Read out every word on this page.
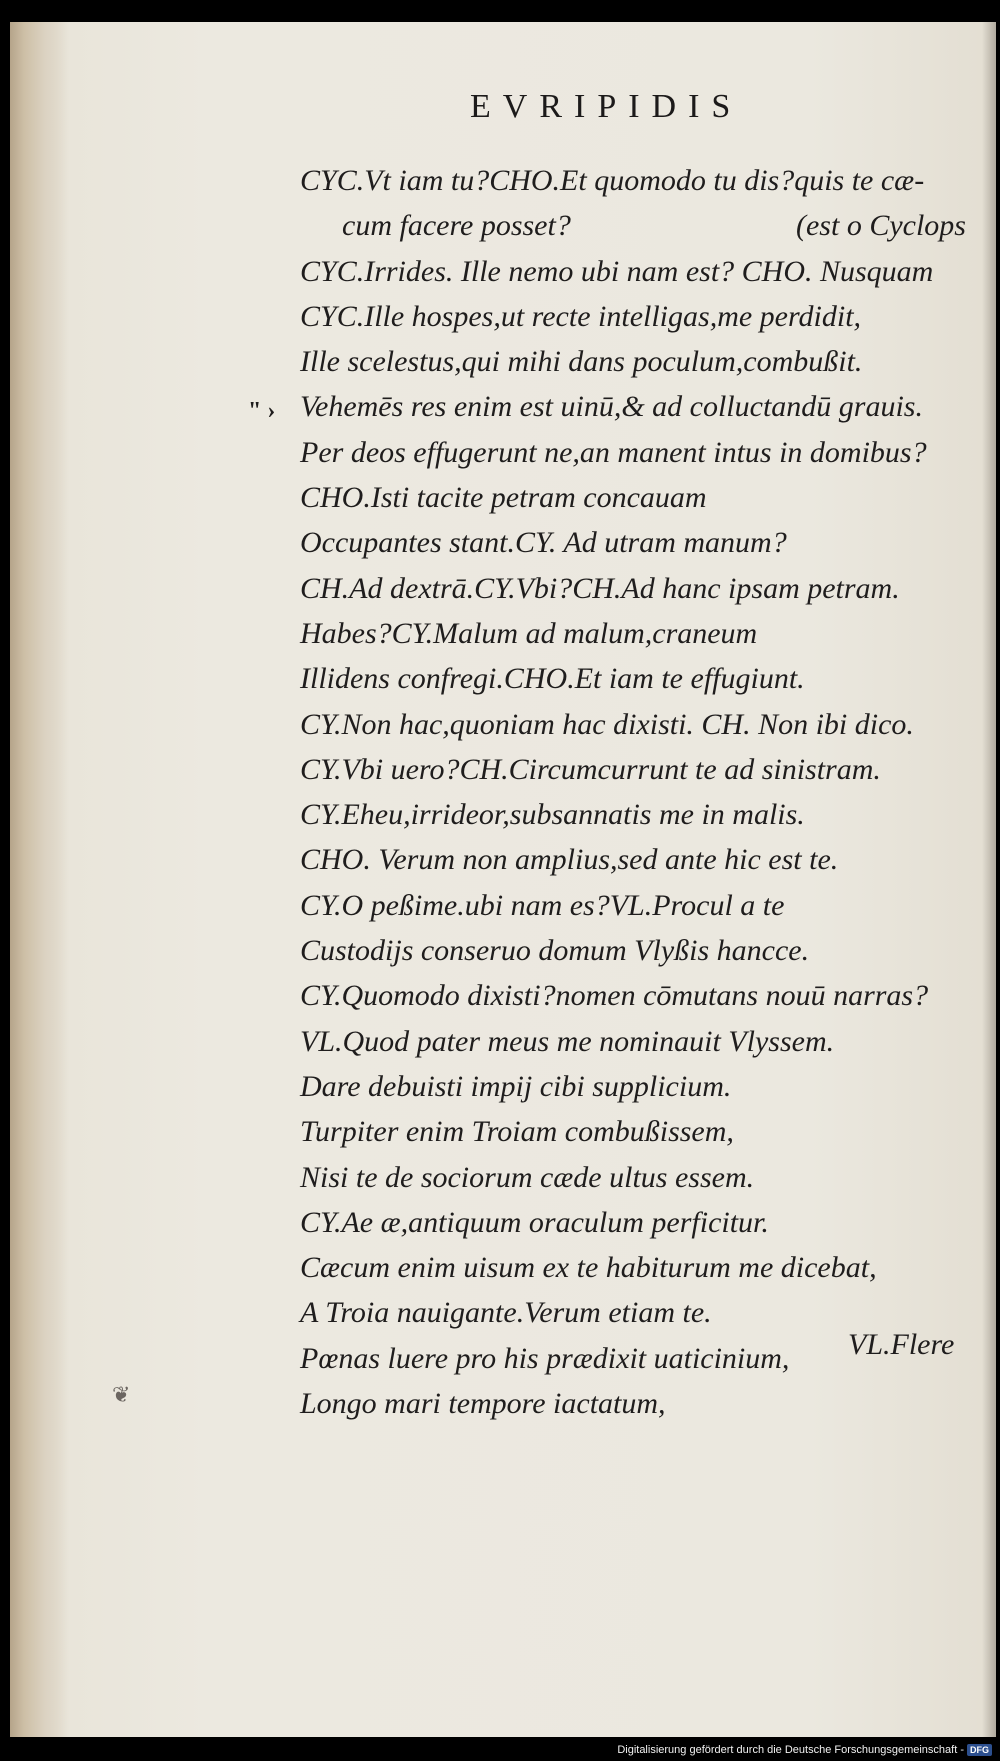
EVRIPIDIS
" ›
CYC.Vt iam tu?CHO.Et quomodo tu dis?quis te cæ-
cum facere posset?	(est o Cyclops
CYC.Irrides. Ille nemo ubi nam est? CHO. Nusquam
CYC.Ille hospes,ut recte intelligas,me perdidit,
Ille scelestus,qui mihi dans poculum,combußit.
Vehemēs res enim est uinū,& ad colluctandū grauis.
Per deos effugerunt ne,an manent intus in domibus?
CHO.Isti tacite petram concauam
Occupantes stant.CY. Ad utram manum?
CH.Ad dextrā.CY.Vbi?CH.Ad hanc ipsam petram.
Habes?CY.Malum ad malum,craneum
Illidens confregi.CHO.Et iam te effugiunt.
CY.Non hac,quoniam hac dixisti. CH. Non ibi dico.
CY.Vbi uero?CH.Circumcurrunt te ad sinistram.
CY.Eheu,irrideor,subsannatis me in malis.
CHO. Verum non amplius,sed ante hic est te.
CY.O peßime.ubi nam es?VL.Procul a te
Custodijs conseruo domum Vlyßis hancce.
CY.Quomodo dixisti?nomen cōmutans nouū narras?
VL.Quod pater meus me nominauit Vlyssem.
Dare debuisti impij cibi supplicium.
Turpiter enim Troiam combußissem,
Nisi te de sociorum cæde ultus essem.
CY.Ae æ,antiquum oraculum perficitur.
Cæcum enim uisum ex te habiturum me dicebat,
A Troia nauigante.Verum etiam te.
Pœnas luere pro his prædixit uaticinium,
Longo mari tempore iactatum,
VL.Flere
❦
Digitalisierung gefördert durch die Deutsche Forschungsgemeinschaft - DFG
